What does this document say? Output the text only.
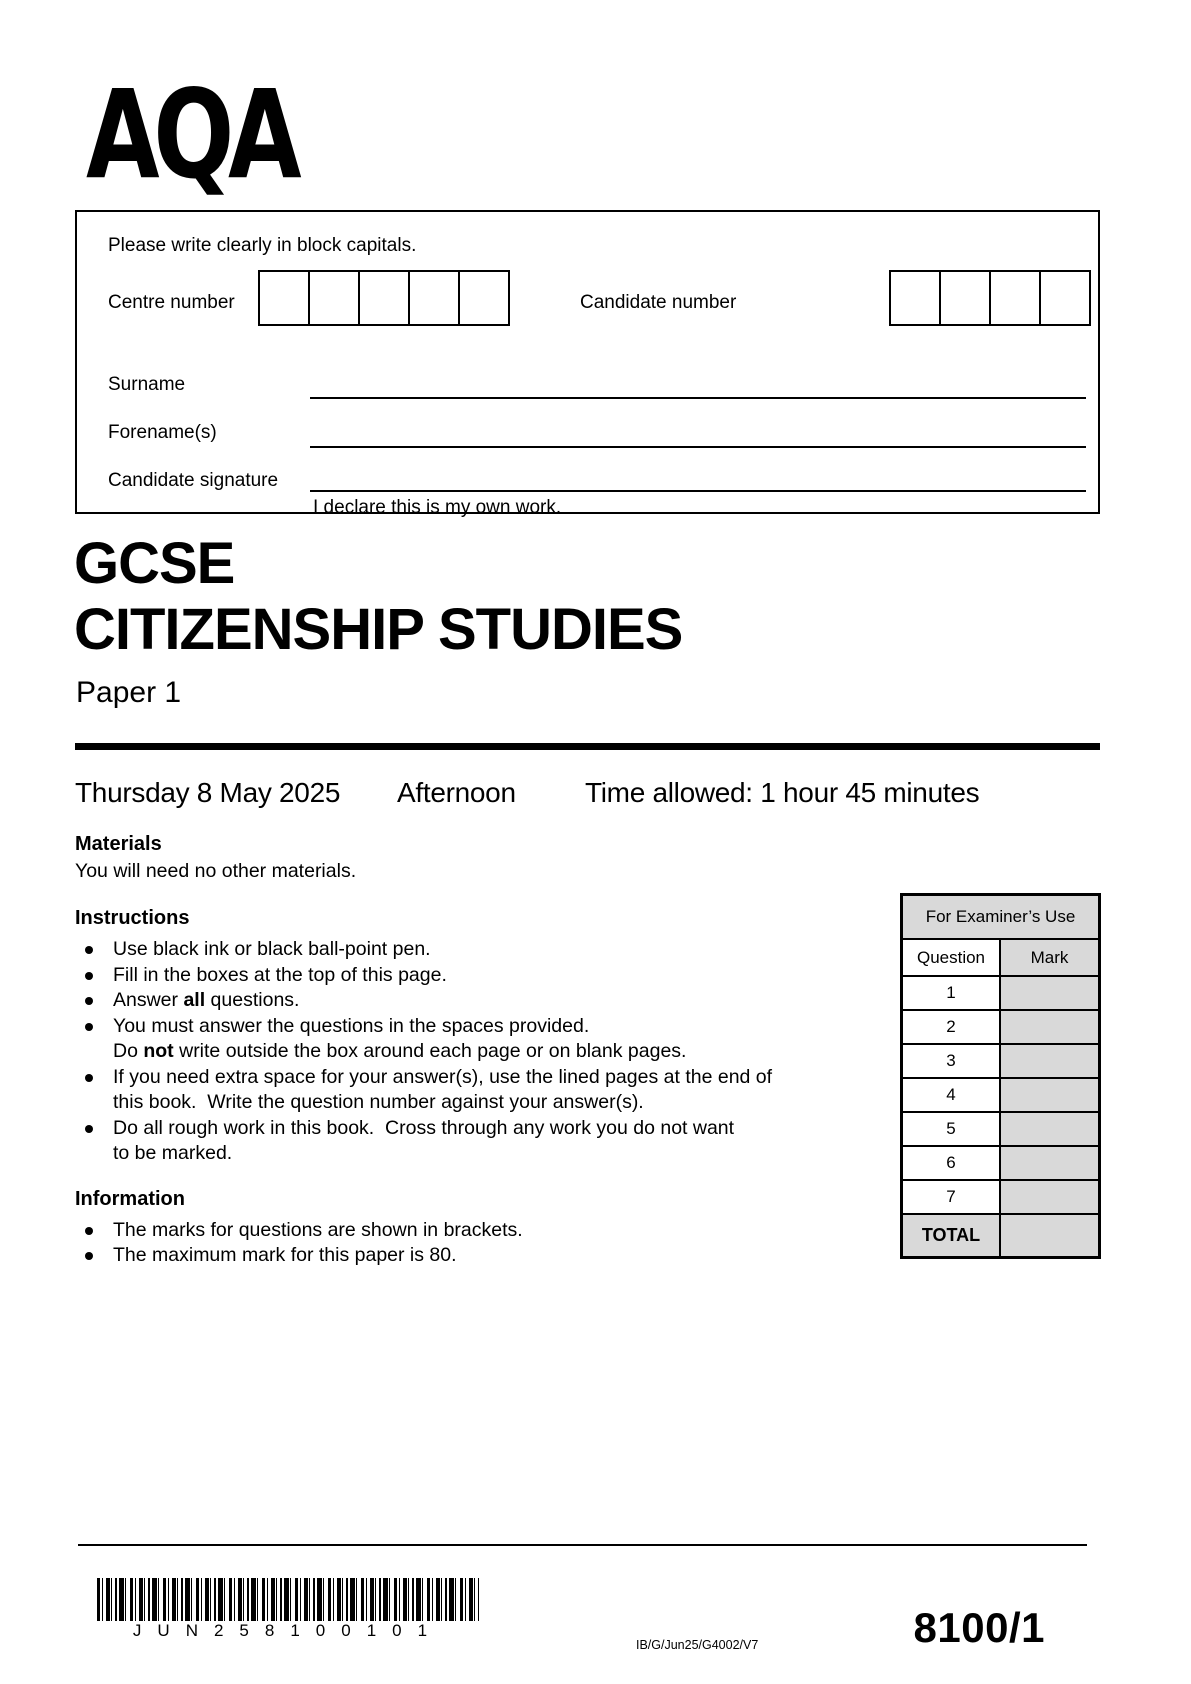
AQA
Please write clearly in block capitals.
Centre number	Candidate number
Surname
Forename(s)
Candidate signature
I declare this is my own work.
GCSE
CITIZENSHIP STUDIES
Paper 1
Thursday 8 May 2025 Afternoon Time allowed: 1 hour 45 minutes
Materials
You will need no other materials.
Instructions
Use black ink or black ball-point pen.
Fill in the boxes at the top of this page.
Answer all questions.
You must answer the questions in the spaces provided.
Do not write outside the box around each page or on blank pages.
If you need extra space for your answer(s), use the lined pages at the end of
this book.  Write the question number against your answer(s).
Do all rough work in this book.  Cross through any work you do not want
to be marked.
Information
The marks for questions are shown in brackets.
The maximum mark for this paper is 80.
For Examiner’s Use
Question	Mark
1
2
3
4
5
6
7
TOTAL
JUN258100101
IB/G/Jun25/G4002/V7	8100/1
